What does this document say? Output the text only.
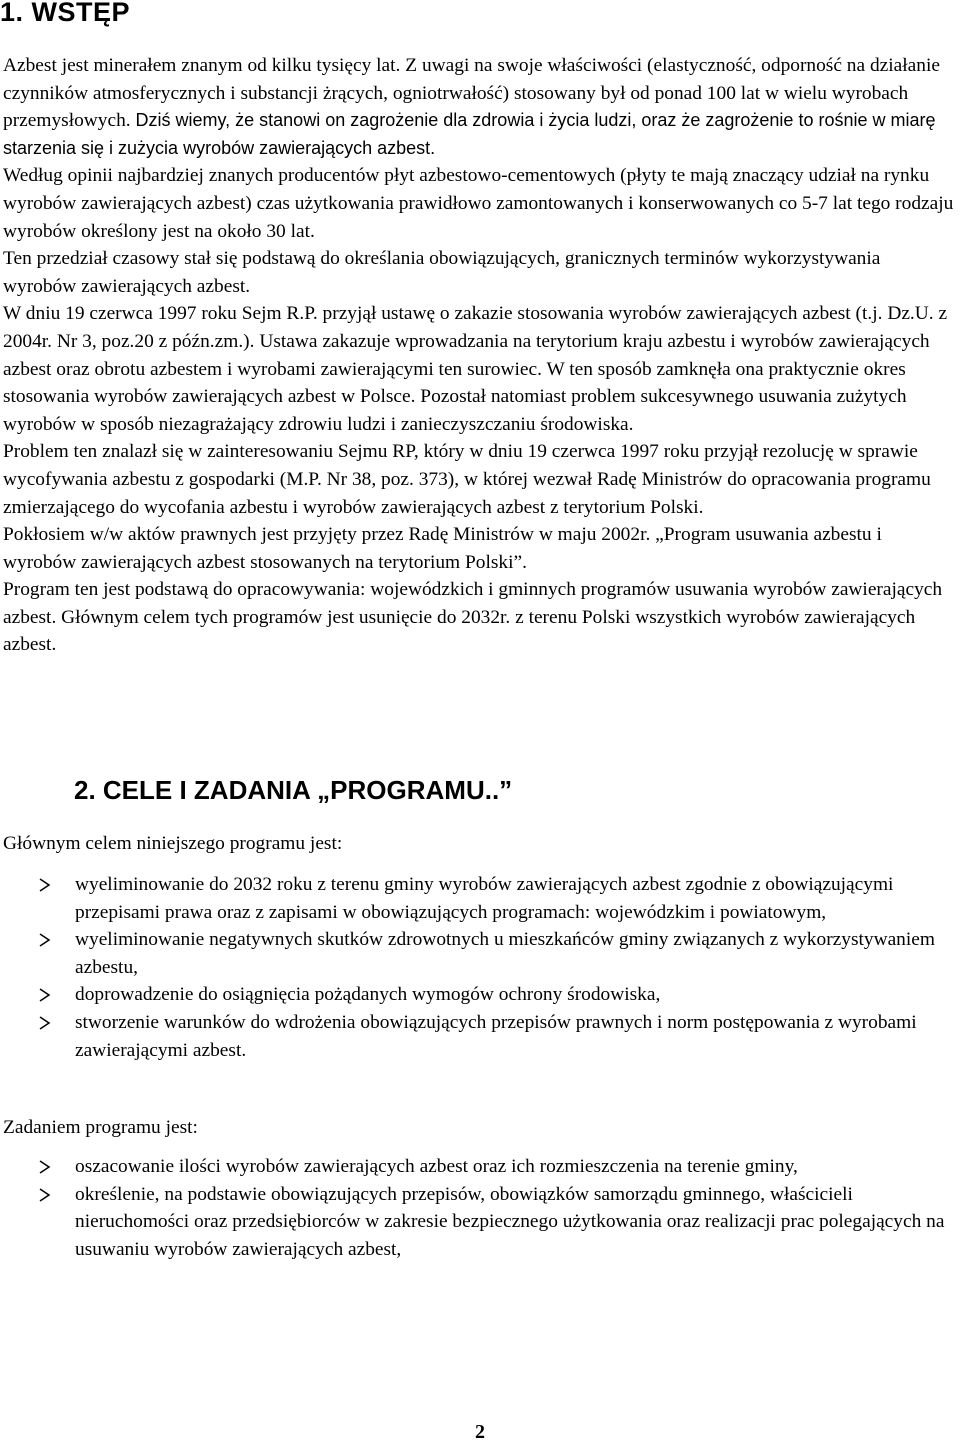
1. WSTĘP

Azbest jest minerałem znanym od kilku tysięcy lat. Z uwagi na swoje właściwości (elastyczność, odporność na działanie czynników atmosferycznych i substancji żrących, ogniotrwałość) stosowany był od ponad 100 lat w wielu wyrobach przemysłowych. Dziś wiemy, że stanowi on zagrożenie dla zdrowia i życia ludzi, oraz że zagrożenie to rośnie w miarę starzenia się i zużycia wyrobów zawierających azbest.

Według opinii najbardziej znanych producentów płyt azbestowo-cementowych (płyty te mają znaczący udział na rynku wyrobów zawierających azbest) czas użytkowania prawidłowo zamontowanych i konserwowanych co 5-7 lat tego rodzaju wyrobów określony jest na około 30 lat.

Ten przedział czasowy stał się podstawą do określania obowiązujących, granicznych terminów wykorzystywania wyrobów zawierających azbest.

W dniu 19 czerwca 1997 roku Sejm R.P. przyjął ustawę o zakazie stosowania wyrobów zawierających azbest (t.j. Dz.U. z 2004r. Nr 3, poz.20 z późn.zm.). Ustawa zakazuje wprowadzania na terytorium kraju azbestu i wyrobów zawierających azbest oraz obrotu azbestem i wyrobami zawierającymi ten surowiec. W ten sposób zamknęła ona praktycznie okres stosowania wyrobów zawierających azbest w Polsce. Pozostał natomiast problem sukcesywnego usuwania zużytych wyrobów w sposób niezagrażający zdrowiu ludzi i zanieczyszczaniu środowiska.

Problem ten znalazł się w zainteresowaniu Sejmu RP, który w dniu 19 czerwca 1997 roku przyjął rezolucję w sprawie wycofywania azbestu z gospodarki (M.P. Nr 38, poz. 373), w której wezwał Radę Ministrów do opracowania programu zmierzającego do wycofania azbestu i wyrobów zawierających azbest z terytorium Polski.

Pokłosiem w/w aktów prawnych jest przyjęty przez Radę Ministrów w maju 2002r. „Program usuwania azbestu i wyrobów zawierających azbest stosowanych na terytorium Polski”.

Program ten jest podstawą do opracowywania: wojewódzkich i gminnych programów usuwania wyrobów zawierających azbest. Głównym celem tych programów jest usunięcie do 2032r. z terenu Polski wszystkich wyrobów zawierających azbest.

2. CELE I ZADANIA „PROGRAMU..”

Głównym celem niniejszego programu jest:

wyeliminowanie do 2032 roku z terenu gminy wyrobów zawierających azbest zgodnie z obowiązującymi przepisami prawa oraz z zapisami w obowiązujących programach: wojewódzkim i powiatowym,
wyeliminowanie negatywnych skutków zdrowotnych u mieszkańców gminy związanych z wykorzystywaniem azbestu,
doprowadzenie do osiągnięcia pożądanych wymogów ochrony środowiska,
stworzenie warunków do wdrożenia obowiązujących przepisów prawnych i norm postępowania z wyrobami zawierającymi azbest.

Zadaniem programu jest:

oszacowanie ilości wyrobów zawierających azbest oraz ich rozmieszczenia na terenie gminy,
określenie, na podstawie obowiązujących przepisów, obowiązków samorządu gminnego, właścicieli nieruchomości oraz przedsiębiorców w zakresie bezpiecznego użytkowania oraz realizacji prac polegających na usuwaniu wyrobów zawierających azbest,
2
